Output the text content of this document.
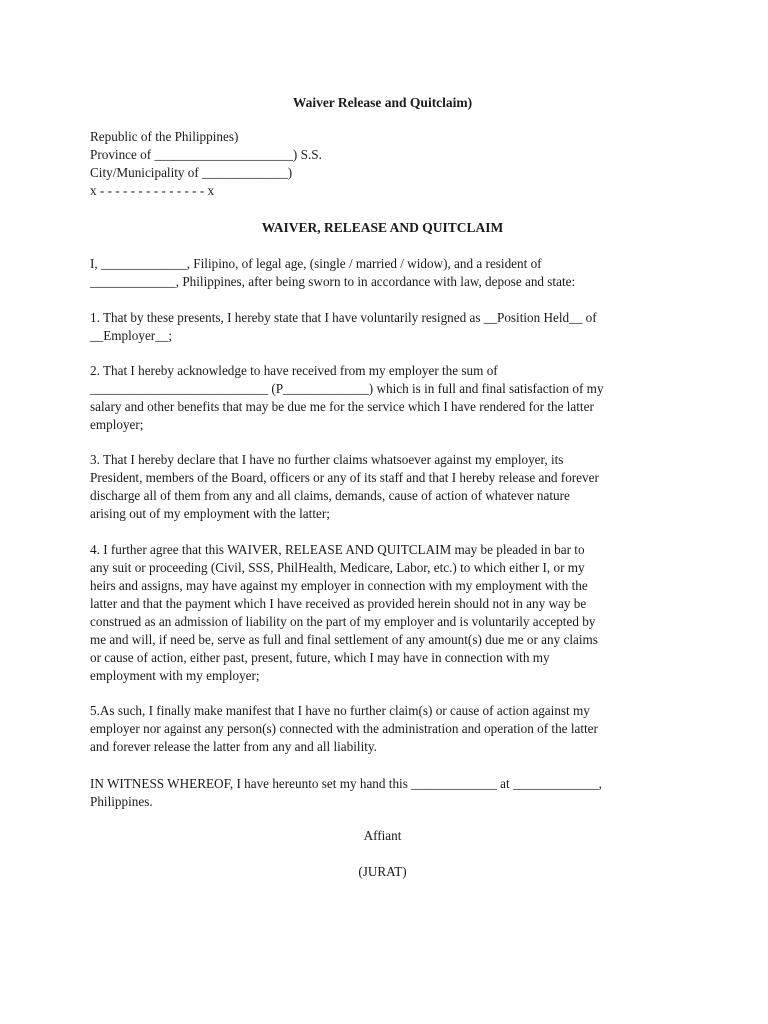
Waiver Release and Quitclaim)
Republic of the Philippines)
Province of _____________________) S.S.
City/Municipality of _____________)
x - - - - - - - - - - - - - - x
WAIVER, RELEASE AND QUITCLAIM
I, _____________, Filipino, of legal age, (single / married / widow), and a resident of
_____________, Philippines, after being sworn to in accordance with law, depose and state:
1. That by these presents, I hereby state that I have voluntarily resigned as __Position Held__ of
__Employer__;
2. That I hereby acknowledge to have received from my employer the sum of
___________________________ (P_____________) which is in full and final satisfaction of my
salary and other benefits that may be due me for the service which I have rendered for the latter
employer;
3. That I hereby declare that I have no further claims whatsoever against my employer, its
President, members of the Board, officers or any of its staff and that I hereby release and forever
discharge all of them from any and all claims, demands, cause of action of whatever nature
arising out of my employment with the latter;
4. I further agree that this WAIVER, RELEASE AND QUITCLAIM may be pleaded in bar to
any suit or proceeding (Civil, SSS, PhilHealth, Medicare, Labor, etc.) to which either I, or my
heirs and assigns, may have against my employer in connection with my employment with the
latter and that the payment which I have received as provided herein should not in any way be
construed as an admission of liability on the part of my employer and is voluntarily accepted by
me and will, if need be, serve as full and final settlement of any amount(s) due me or any claims
or cause of action, either past, present, future, which I may have in connection with my
employment with my employer;
5.As such, I finally make manifest that I have no further claim(s) or cause of action against my
employer nor against any person(s) connected with the administration and operation of the latter
and forever release the latter from any and all liability.
IN WITNESS WHEREOF, I have hereunto set my hand this _____________ at _____________,
Philippines.
Affiant
(JURAT)
